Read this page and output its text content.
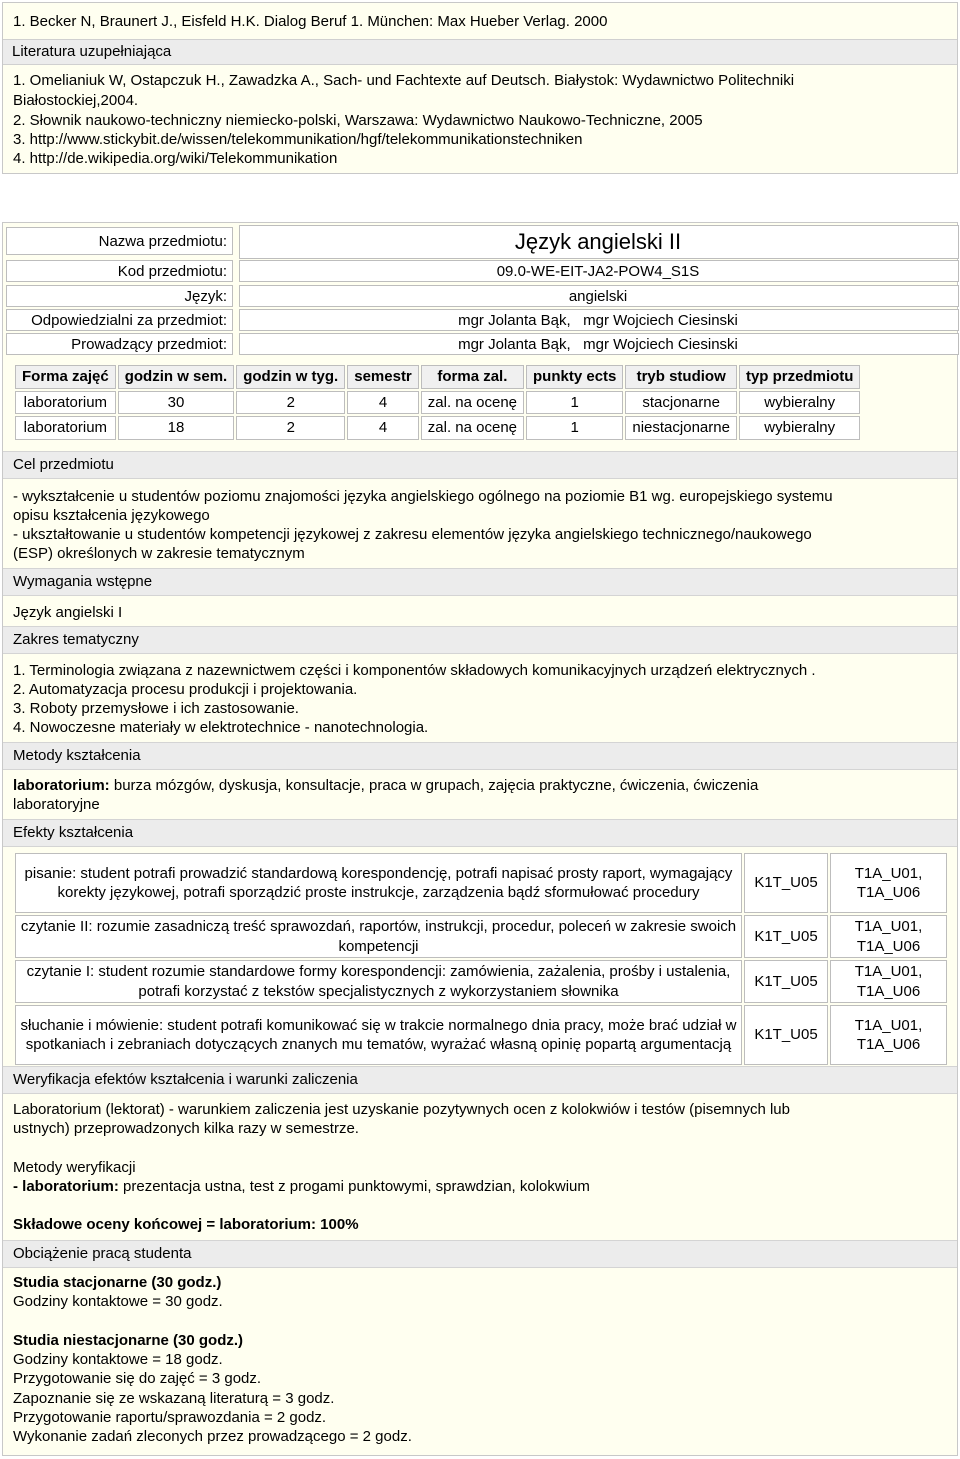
1. Becker N, Braunert J., Eisfeld H.K. Dialog Beruf 1. München: Max Hueber Verlag. 2000
Literatura uzupełniająca
1. Omelianiuk W, Ostapczuk H., Zawadzka A., Sach- und Fachtexte auf Deutsch. Białystok: Wydawnictwo Politechniki
Białostockiej,2004.
2. Słownik naukowo-techniczny niemiecko-polski, Warszawa: Wydawnictwo Naukowo-Techniczne, 2005
3. http://www.stickybit.de/wissen/telekommunikation/hgf/telekommunikationstechniken
4. http://de.wikipedia.org/wiki/Telekommunikation
Nazwa przedmiotu:	Język angielski II
Kod przedmiotu:	09.0-WE-EIT-JA2-POW4_S1S
Język:	angielski
Odpowiedzialni za przedmiot:	mgr Jolanta Bąk,   mgr Wojciech Ciesinski
Prowadzący przedmiot:	mgr Jolanta Bąk,   mgr Wojciech Ciesinski
Forma zajęć	godzin w sem.	godzin w tyg.	semestr	forma zal.	punkty ects	tryb studiow	typ przedmiotu
laboratorium	30	2	4	zal. na ocenę	1	stacjonarne	wybieralny
laboratorium	18	2	4	zal. na ocenę	1	niestacjonarne	wybieralny
Cel przedmiotu
- wykształcenie u studentów poziomu znajomości języka angielskiego ogólnego na poziomie B1 wg. europejskiego systemu
opisu kształcenia językowego
- ukształtowanie u studentów kompetencji językowej z zakresu elementów języka angielskiego technicznego/naukowego
(ESP) określonych w zakresie tematycznym
Wymagania wstępne
Język angielski I
Zakres tematyczny
1. Terminologia związana z nazewnictwem części i komponentów składowych komunikacyjnych urządzeń elektrycznych .
2. Automatyzacja procesu produkcji i projektowania.
3. Roboty przemysłowe i ich zastosowanie.
4. Nowoczesne materiały w elektrotechnice - nanotechnologia.
Metody kształcenia
laboratorium: burza mózgów, dyskusja, konsultacje, praca w grupach, zajęcia praktyczne, ćwiczenia, ćwiczenia
laboratoryjne
Efekty kształcenia
pisanie: student potrafi prowadzić standardową korespondencję, potrafi napisać prosty raport, wymagający korekty językowej, potrafi sporządzić proste instrukcje, zarządzenia bądź sformułować procedury	K1T_U05	T1A_U01,
T1A_U06
czytanie II: rozumie zasadniczą treść sprawozdań, raportów, instrukcji, procedur, poleceń w zakresie swoich kompetencji	K1T_U05	T1A_U01,
T1A_U06
czytanie I: student rozumie standardowe formy korespondencji: zamówienia, zażalenia, prośby i ustalenia, potrafi korzystać z tekstów specjalistycznych z wykorzystaniem słownika	K1T_U05	T1A_U01,
T1A_U06
słuchanie i mówienie: student potrafi komunikować się w trakcie normalnego dnia pracy, może brać udział w spotkaniach i zebraniach dotyczących znanych mu tematów, wyrażać własną opinię popartą argumentacją	K1T_U05	T1A_U01,
T1A_U06
Weryfikacja efektów kształcenia i warunki zaliczenia
Laboratorium (lektorat) - warunkiem zaliczenia jest uzyskanie pozytywnych ocen z kolokwiów i testów (pisemnych lub
ustnych) przeprowadzonych kilka razy w semestrze.
Metody weryfikacji
- laboratorium: prezentacja ustna, test z progami punktowymi, sprawdzian, kolokwium
Składowe oceny końcowej = laboratorium: 100%
Obciążenie pracą studenta
Studia stacjonarne (30 godz.)
Godziny kontaktowe = 30 godz.
Studia niestacjonarne (30 godz.)
Godziny kontaktowe = 18 godz.
Przygotowanie się do zajęć = 3 godz.
Zapoznanie się ze wskazaną literaturą = 3 godz.
Przygotowanie raportu/sprawozdania = 2 godz.
Wykonanie zadań zleconych przez prowadzącego = 2 godz.
